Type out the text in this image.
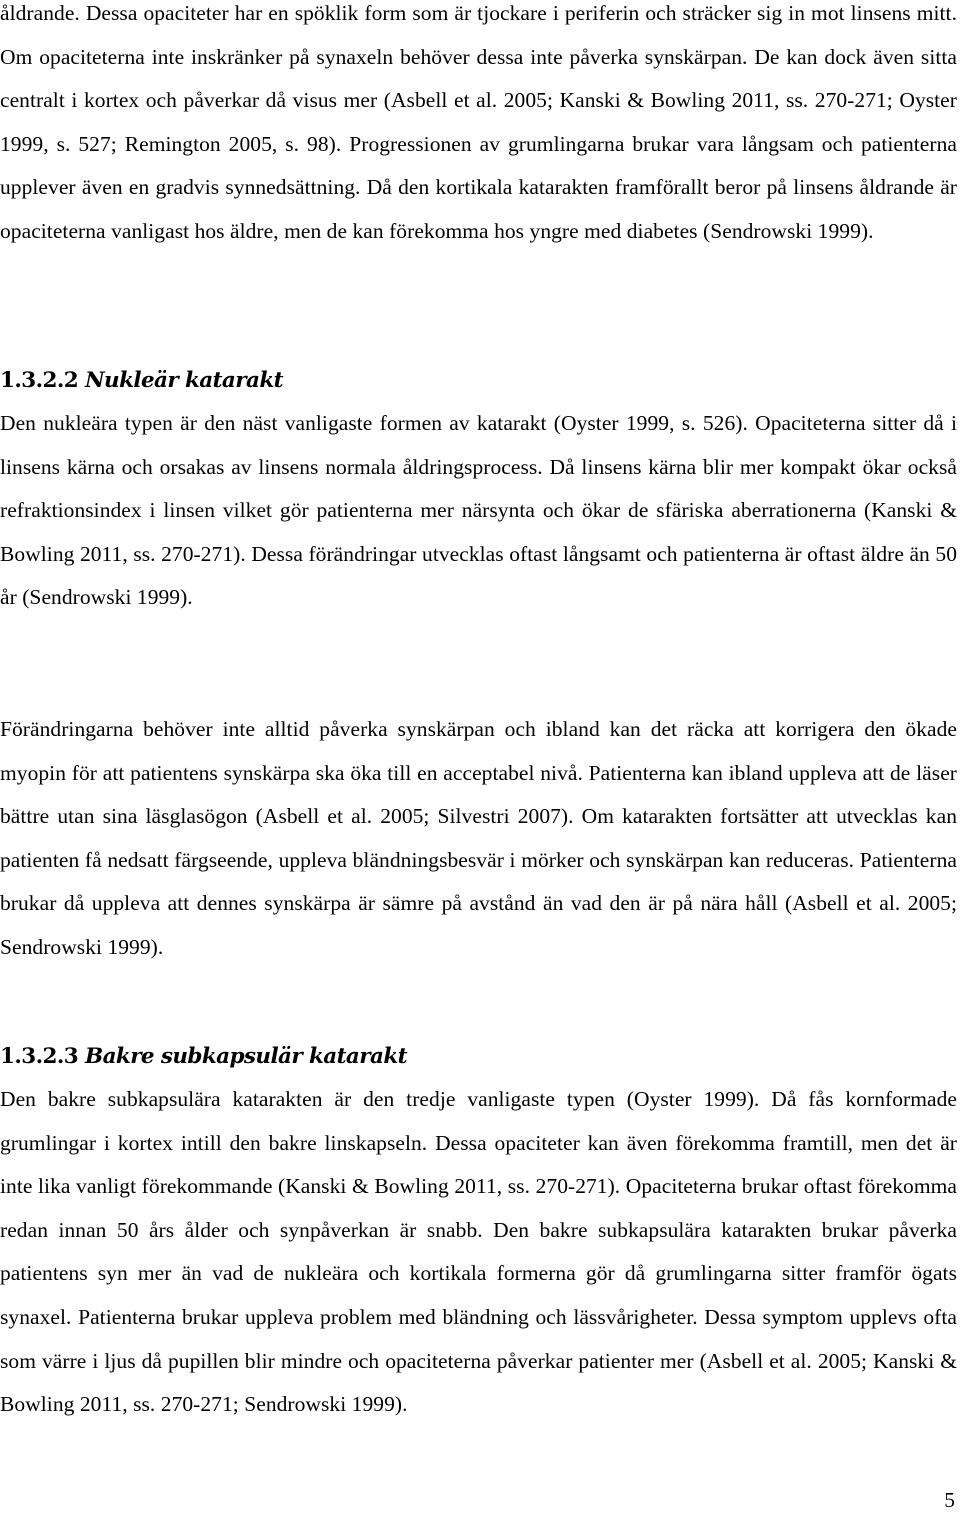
åldrande. Dessa opaciteter har en spöklik form som är tjockare i periferin och sträcker sig in mot linsens mitt. Om opaciteterna inte inskränker på synaxeln behöver dessa inte påverka synskärpan. De kan dock även sitta centralt i kortex och påverkar då visus mer (Asbell et al. 2005; Kanski & Bowling 2011, ss. 270-271; Oyster 1999, s. 527; Remington 2005, s. 98). Progressionen av grumlingarna brukar vara långsam och patienterna upplever även en gradvis synnedsättning. Då den kortikala katarakten framförallt beror på linsens åldrande är opaciteterna vanligast hos äldre, men de kan förekomma hos yngre med diabetes (Sendrowski 1999).

1.3.2.2 Nukleär katarakt

Den nukleära typen är den näst vanligaste formen av katarakt (Oyster 1999, s. 526). Opaciteterna sitter då i linsens kärna och orsakas av linsens normala åldringsprocess. Då linsens kärna blir mer kompakt ökar också refraktionsindex i linsen vilket gör patienterna mer närsynta och ökar de sfäriska aberrationerna (Kanski & Bowling 2011, ss. 270-271). Dessa förändringar utvecklas oftast långsamt och patienterna är oftast äldre än 50 år (Sendrowski 1999).

Förändringarna behöver inte alltid påverka synskärpan och ibland kan det räcka att korrigera den ökade myopin för att patientens synskärpa ska öka till en acceptabel nivå. Patienterna kan ibland uppleva att de läser bättre utan sina läsglasögon (Asbell et al. 2005; Silvestri 2007). Om katarakten fortsätter att utvecklas kan patienten få nedsatt färgseende, uppleva bländningsbesvär i mörker och synskärpan kan reduceras. Patienterna brukar då uppleva att dennes synskärpa är sämre på avstånd än vad den är på nära håll (Asbell et al. 2005; Sendrowski 1999).

1.3.2.3 Bakre subkapsulär katarakt

Den bakre subkapsulära katarakten är den tredje vanligaste typen (Oyster 1999). Då fås kornformade grumlingar i kortex intill den bakre linskapseln. Dessa opaciteter kan även förekomma framtill, men det är inte lika vanligt förekommande (Kanski & Bowling 2011, ss. 270-271). Opaciteterna brukar oftast förekomma redan innan 50 års ålder och synpåverkan är snabb. Den bakre subkapsulära katarakten brukar påverka patientens syn mer än vad de nukleära och kortikala formerna gör då grumlingarna sitter framför ögats synaxel. Patienterna brukar uppleva problem med bländning och lässvårigheter. Dessa symptom upplevs ofta som värre i ljus då pupillen blir mindre och opaciteterna påverkar patienter mer (Asbell et al. 2005; Kanski & Bowling 2011, ss. 270-271; Sendrowski 1999).

5
